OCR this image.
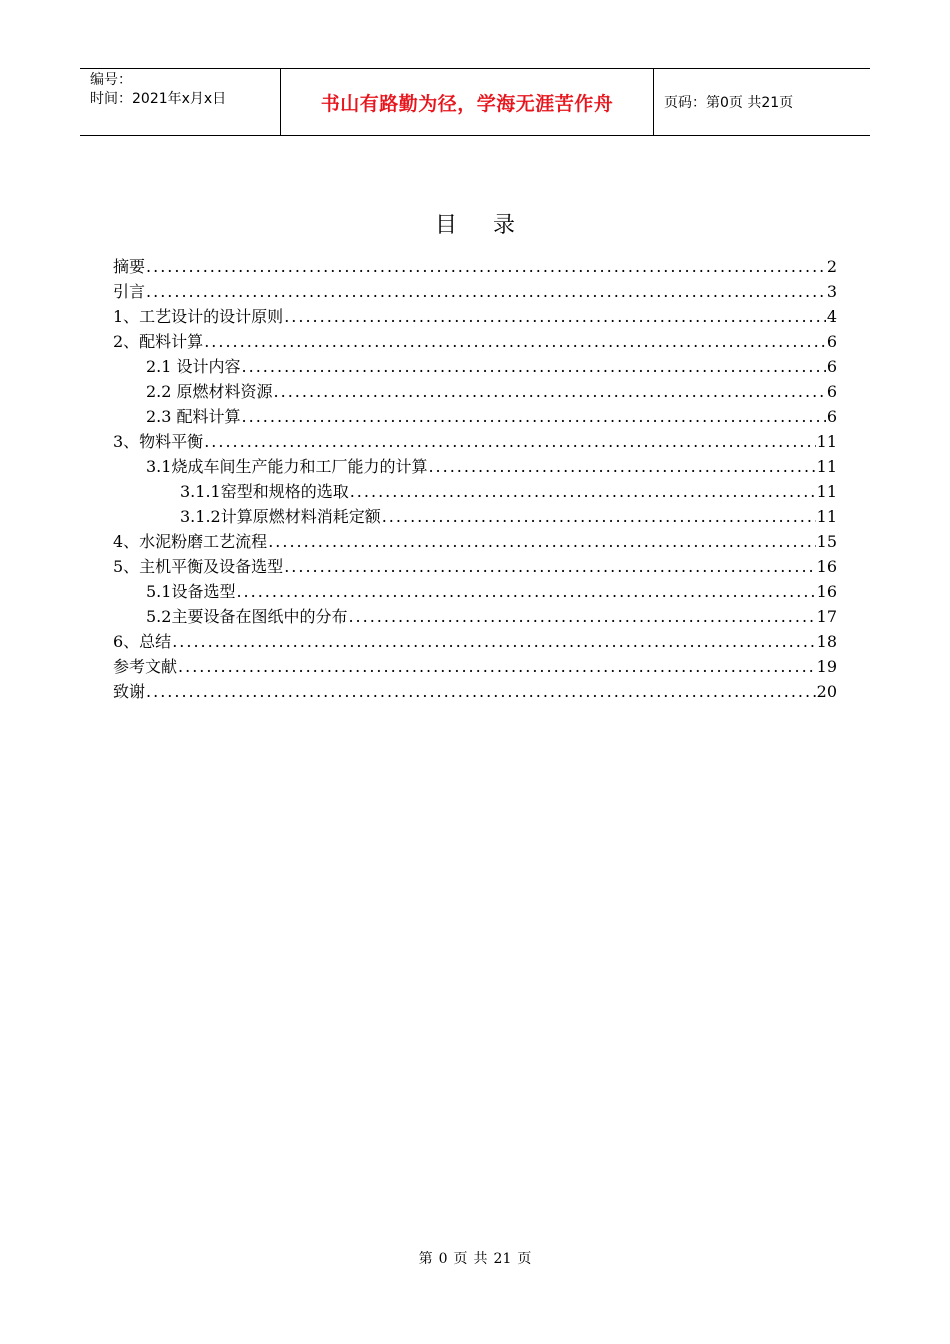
编号：
时间：2021年x月x日	书山有路勤为径，学海无涯苦作舟	页码：第0页 共21页
目 录
摘要 .....	2
引言 .....	3
1、工艺设计的设计原则 .....	4
2、配料计算 .....	6
2.1 设计内容 .....	6
2.2 原燃材料资源 .....	6
2.3 配料计算 .....	6
3、物料平衡 .....	11
3.1烧成车间生产能力和工厂能力的计算 .....	11
3.1.1窑型和规格的选取 .....	11
3.1.2计算原燃材料消耗定额 .....	11
4、水泥粉磨工艺流程 .....	15
5、主机平衡及设备选型 .....	16
5.1设备选型 .....	16
5.2主要设备在图纸中的分布 .....	17
6、总结 .....	18
参考文献 .....	19
致谢 .....	20
第 0 页 共 21 页
